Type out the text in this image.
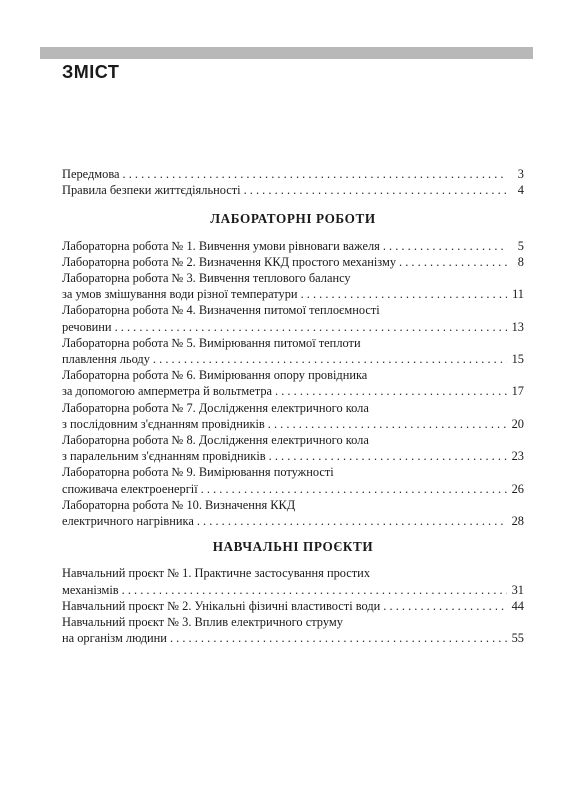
ЗМІСТ
Передмова . . .	3
Правила безпеки життєдіяльності . . .	4
ЛАБОРАТОРНІ РОБОТИ
Лабораторна робота № 1. Вивчення умови рівноваги важеля . . .	5
Лабораторна робота № 2. Визначення ККД простого механізму . . .	8
Лабораторна робота № 3. Вивчення теплового балансу
за умов змішування води різної температури . . .	11
Лабораторна робота № 4. Визначення питомої теплоємності
речовини . . .	13
Лабораторна робота № 5. Вимірювання питомої теплоти
плавлення льоду . . .	15
Лабораторна робота № 6. Вимірювання опору провідника
за допомогою амперметра й вольтметра . . .	17
Лабораторна робота № 7. Дослідження електричного кола
з послідовним з'єднанням провідників . . .	20
Лабораторна робота № 8. Дослідження електричного кола
з паралельним з'єднанням провідників . . .	23
Лабораторна робота № 9. Вимірювання потужності
споживача електроенергії . . .	26
Лабораторна робота № 10. Визначення ККД
електричного нагрівника . . .	28
НАВЧАЛЬНІ ПРОЄКТИ
Навчальний проєкт № 1. Практичне застосування простих
механізмів . . .	31
Навчальний проєкт № 2. Унікальні фізичні властивості води . . .	44
Навчальний проєкт № 3. Вплив електричного струму
на організм людини . . .	55
